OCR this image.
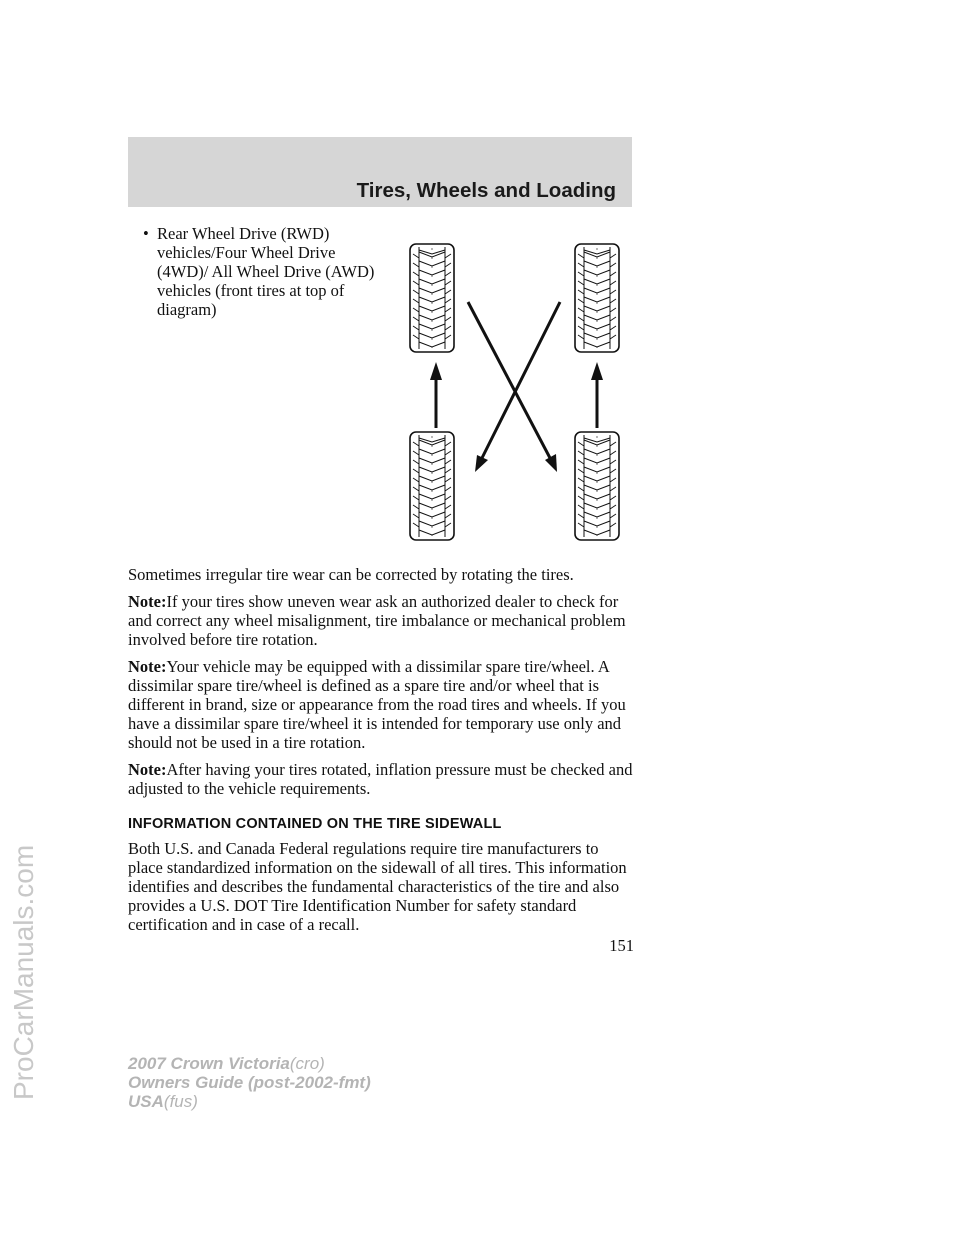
Tires, Wheels and Loading
ProCarManuals.com
• Rear Wheel Drive (RWD) vehicles/Four Wheel Drive (4WD)/ All Wheel Drive (AWD) vehicles (front tires at top of diagram)

Sometimes irregular tire wear can be corrected by rotating the tires.

Note:If your tires show uneven wear ask an authorized dealer to check for and correct any wheel misalignment, tire imbalance or mechanical problem involved before tire rotation.

Note:Your vehicle may be equipped with a dissimilar spare tire/wheel. A dissimilar spare tire/wheel is defined as a spare tire and/or wheel that is different in brand, size or appearance from the road tires and wheels. If you have a dissimilar spare tire/wheel it is intended for temporary use only and should not be used in a tire rotation.

Note:After having your tires rotated, inflation pressure must be checked and adjusted to the vehicle requirements.

INFORMATION CONTAINED ON THE TIRE SIDEWALL

Both U.S. and Canada Federal regulations require tire manufacturers to place standardized information on the sidewall of all tires. This information identifies and describes the fundamental characteristics of the tire and also provides a U.S. DOT Tire Identification Number for safety standard certification and in case of a recall.

151
2007 Crown Victoria(cro)
Owners Guide (post-2002-fmt)
USA(fus)
